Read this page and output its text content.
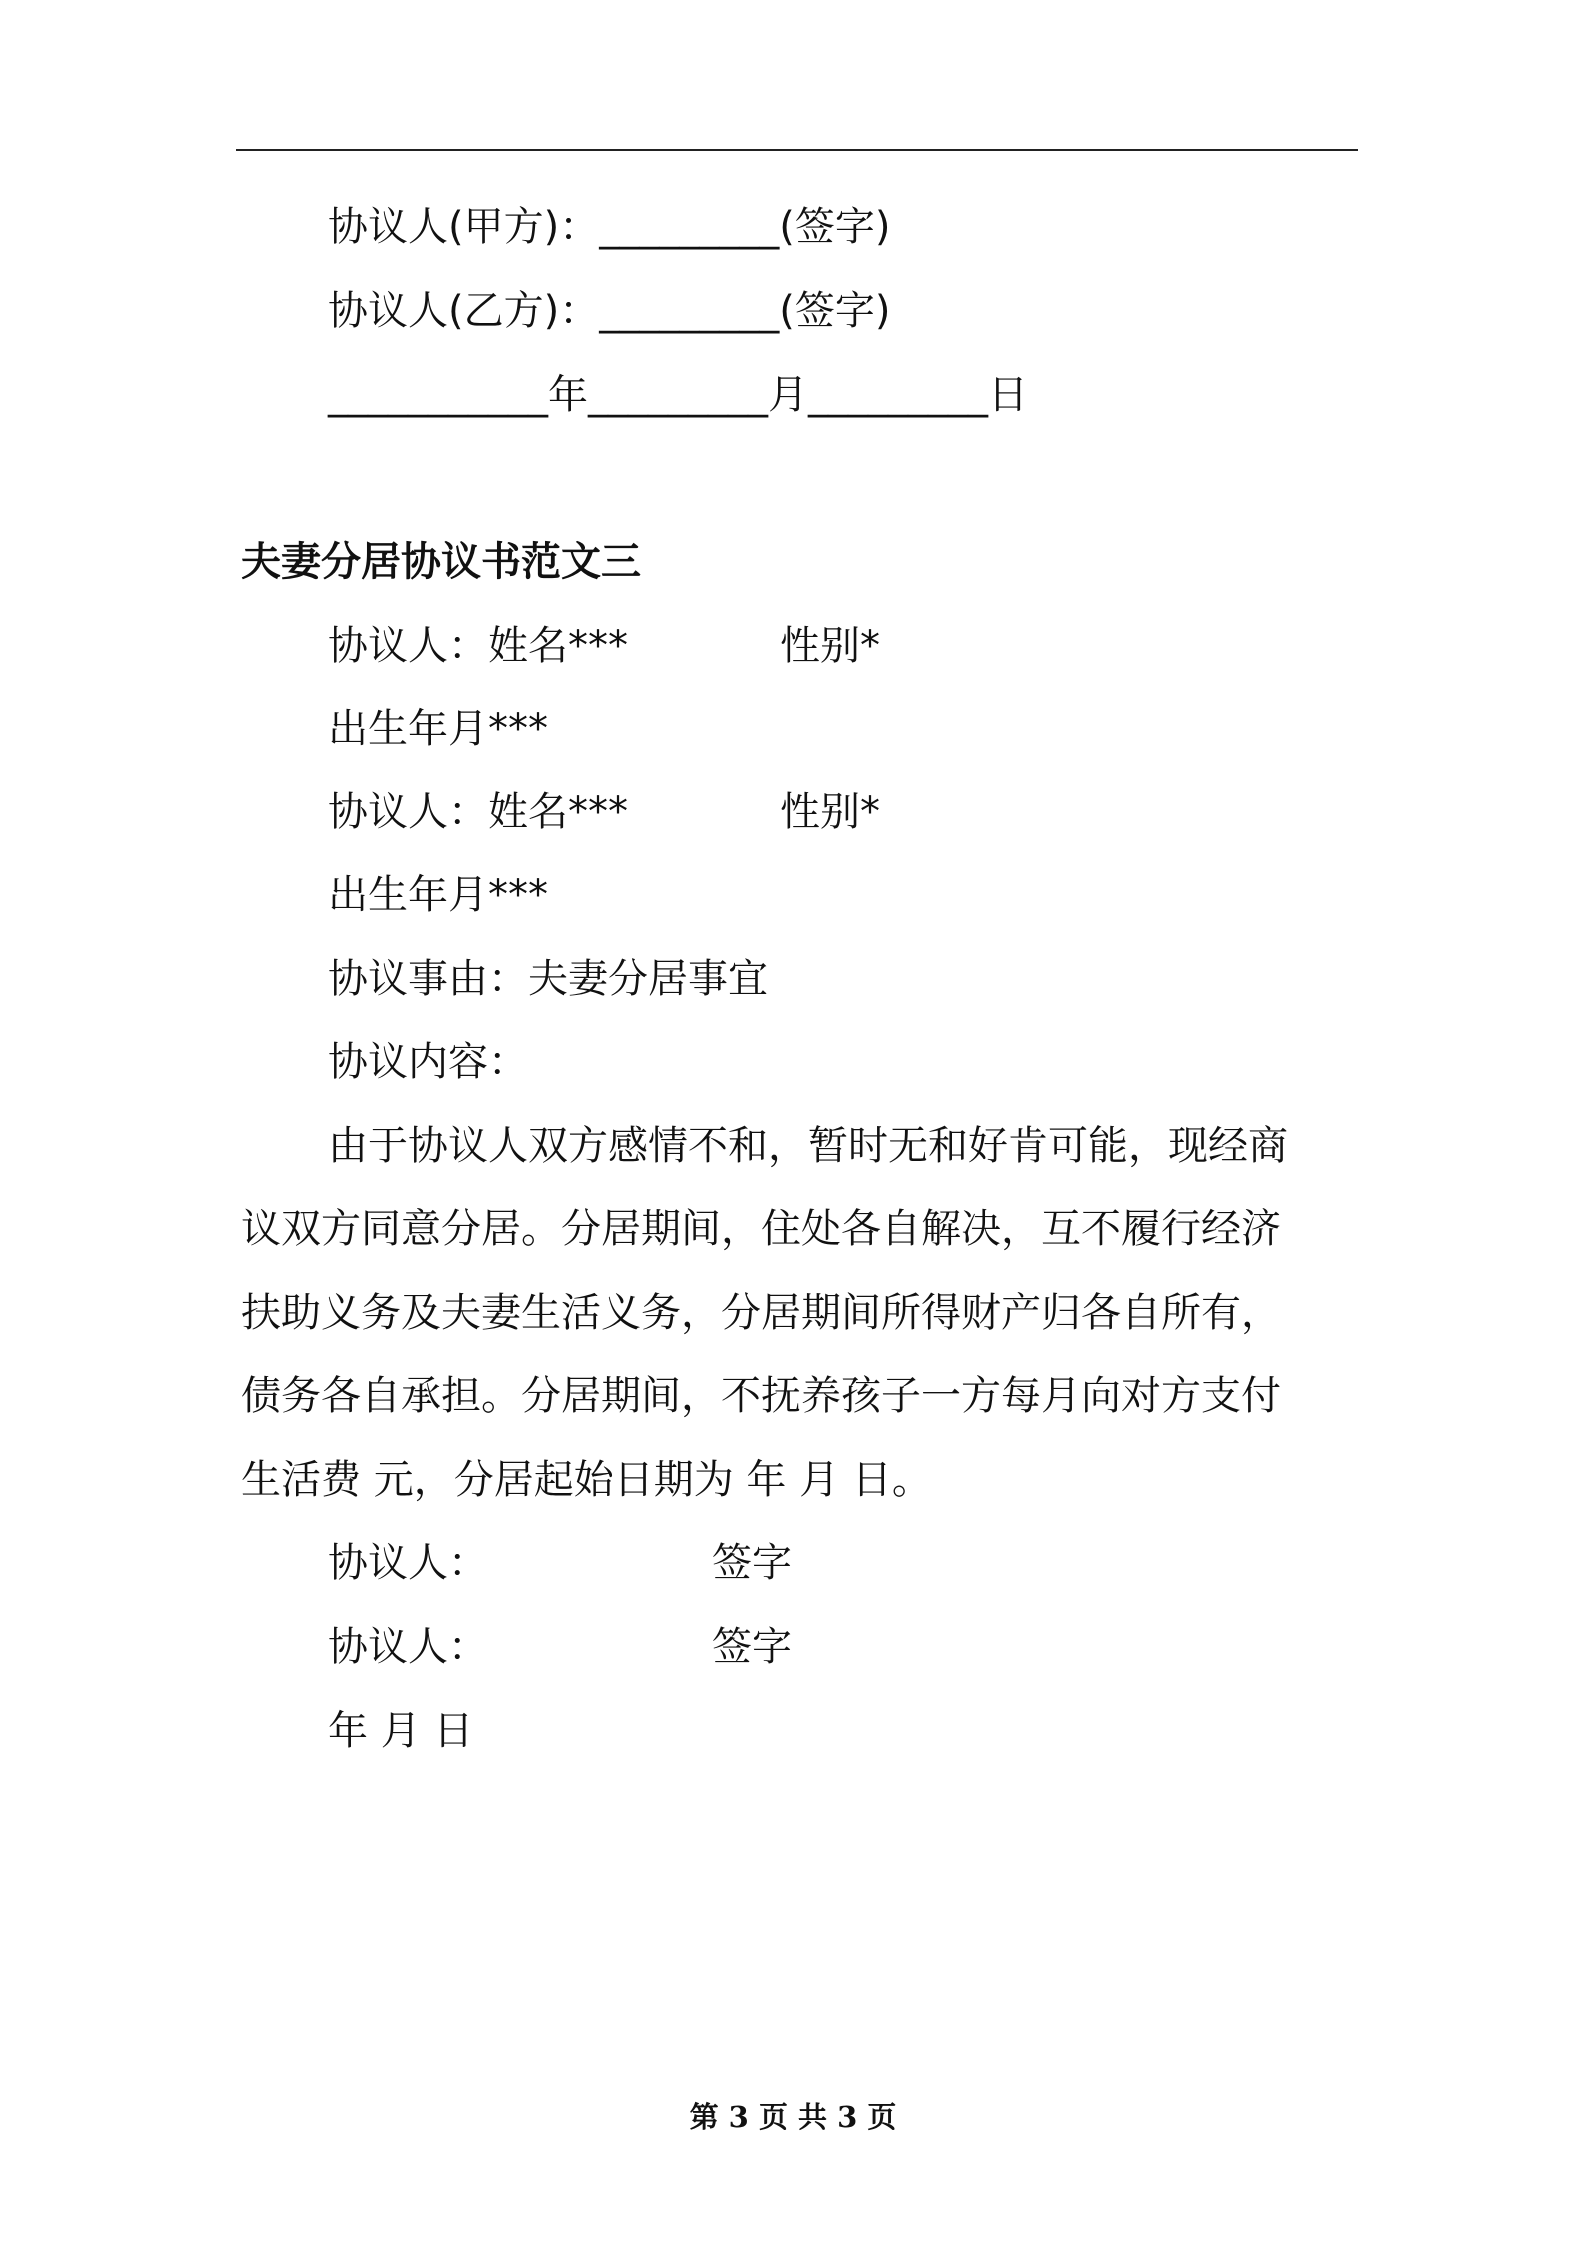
协议人(甲方)：_________(签字)
协议人(乙方)：_________(签字)
___________年_________月_________日
夫妻分居协议书范文三
协议人：姓名***	性别*
出生年月***
协议人：姓名***	性别*
出生年月***
协议事由：夫妻分居事宜
协议内容：
由于协议人双方感情不和，暂时无和好肯可能，现经商
议双方同意分居。分居期间，住处各自解决，互不履行经济
扶助义务及夫妻生活义务，分居期间所得财产归各自所有，
债务各自承担。分居期间，不抚养孩子一方每月向对方支付
生活费 元，分居起始日期为 年 月 日。
协议人：	签字
协议人：	签字
年 月 日
第 3 页 共 3 页
